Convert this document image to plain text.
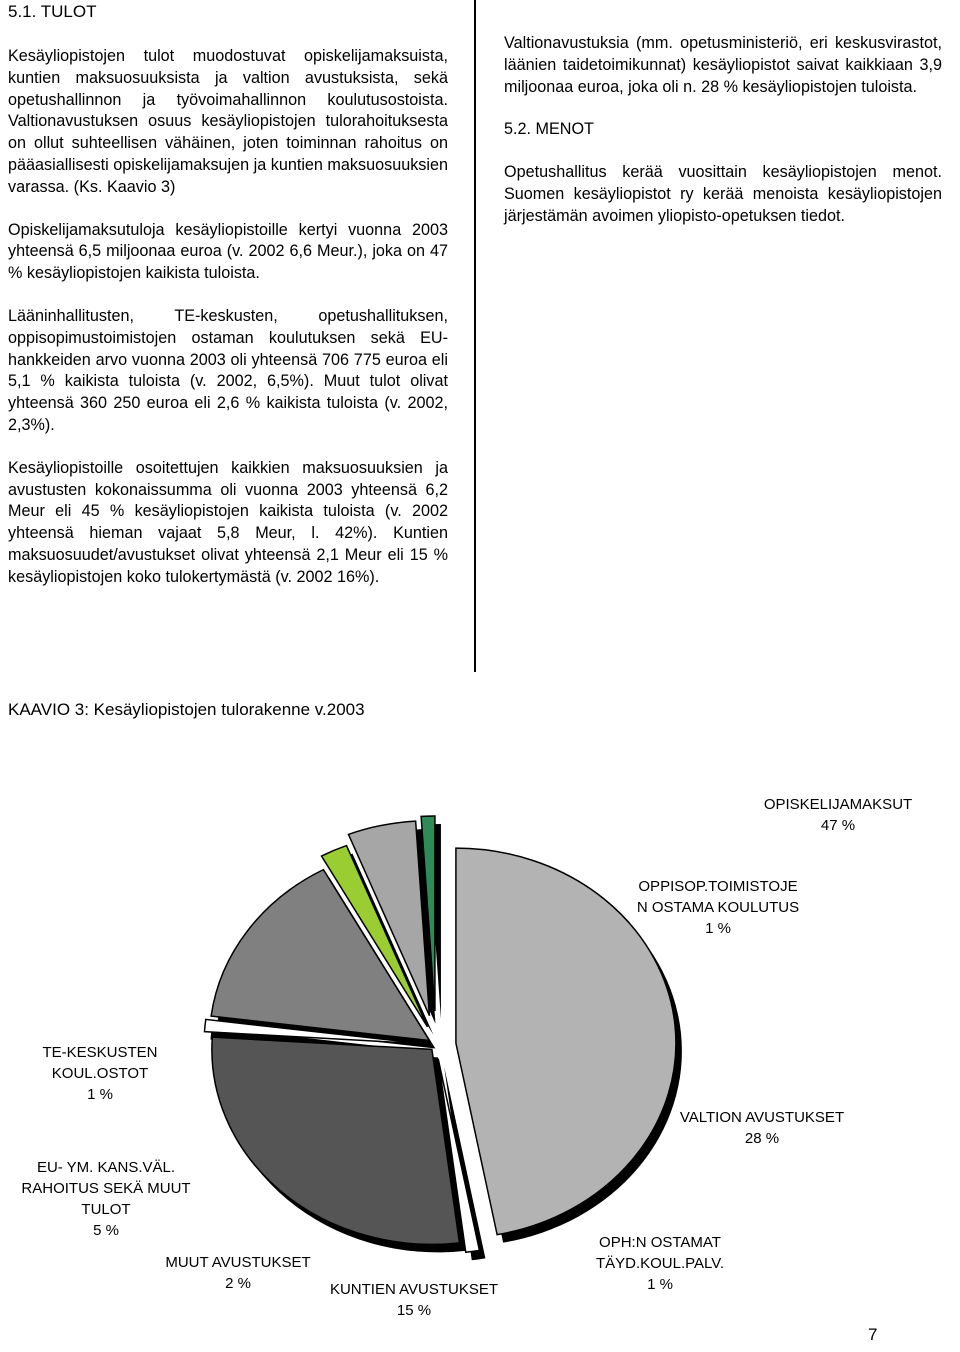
5.1. TULOT

Kesäyliopistojen tulot muodostuvat opiskelijamaksuista, kuntien maksuosuuksista ja valtion avustuksista, sekä opetushallinnon ja työvoimahallinnon koulutusostoista. Valtionavustuksen osuus kesäyliopistojen tulorahoituksesta on ollut suhteellisen vähäinen, joten toiminnan rahoitus on pääasiallisesti opiskelijamaksujen ja kuntien maksuosuuksien varassa. (Ks. Kaavio 3)

Opiskelijamaksutuloja kesäyliopistoille kertyi vuonna 2003 yhteensä 6,5 miljoonaa euroa (v. 2002 6,6 Meur.), joka on 47 % kesäyliopistojen kaikista tuloista.

Lääninhallitusten, TE-keskusten, opetushallituksen, oppisopimustoimistojen ostaman koulutuksen sekä EU-hankkeiden arvo vuonna 2003 oli yhteensä 706 775 euroa eli 5,1 % kaikista tuloista (v. 2002, 6,5%). Muut tulot olivat yhteensä 360 250 euroa eli 2,6 % kaikista tuloista (v. 2002, 2,3%).

Kesäyliopistoille osoitettujen kaikkien maksuosuuksien ja avustusten kokonaissumma oli vuonna 2003 yhteensä 6,2 Meur eli 45 % kesäyliopistojen kaikista tuloista (v. 2002 yhteensä hieman vajaat 5,8 Meur, l. 42%). Kuntien maksuosuudet/avustukset olivat yhteensä 2,1 Meur eli 15 % kesäyliopistojen koko tulokertymästä (v. 2002 16%).

Valtionavustuksia (mm. opetusministeriö, eri keskusvirastot, läänien taidetoimikunnat) kesäyliopistot saivat kaikkiaan 3,9 miljoonaa euroa, joka oli n. 28 % kesäyliopistojen tuloista.

5.2. MENOT

Opetushallitus kerää vuosittain kesäyliopistojen menot. Suomen kesäyliopistot ry kerää menoista kesäyliopistojen järjestämän avoimen yliopisto-opetuksen tiedot.

KAAVIO 3: Kesäyliopistojen tulorakenne v.2003
OPISKELIJAMAKSUT
47 %
OPPISOP.TOIMISTOJE
N OSTAMA KOULUTUS
1 %
VALTION AVUSTUKSET
28 %
OPH:N OSTAMAT
TÄYD.KOUL.PALV.
1 %
KUNTIEN AVUSTUKSET
15 %
MUUT AVUSTUKSET
2 %
EU- YM. KANS.VÄL.
RAHOITUS SEKÄ MUUT
TULOT
5 %
TE-KESKUSTEN
KOUL.OSTOT
1 %
7
